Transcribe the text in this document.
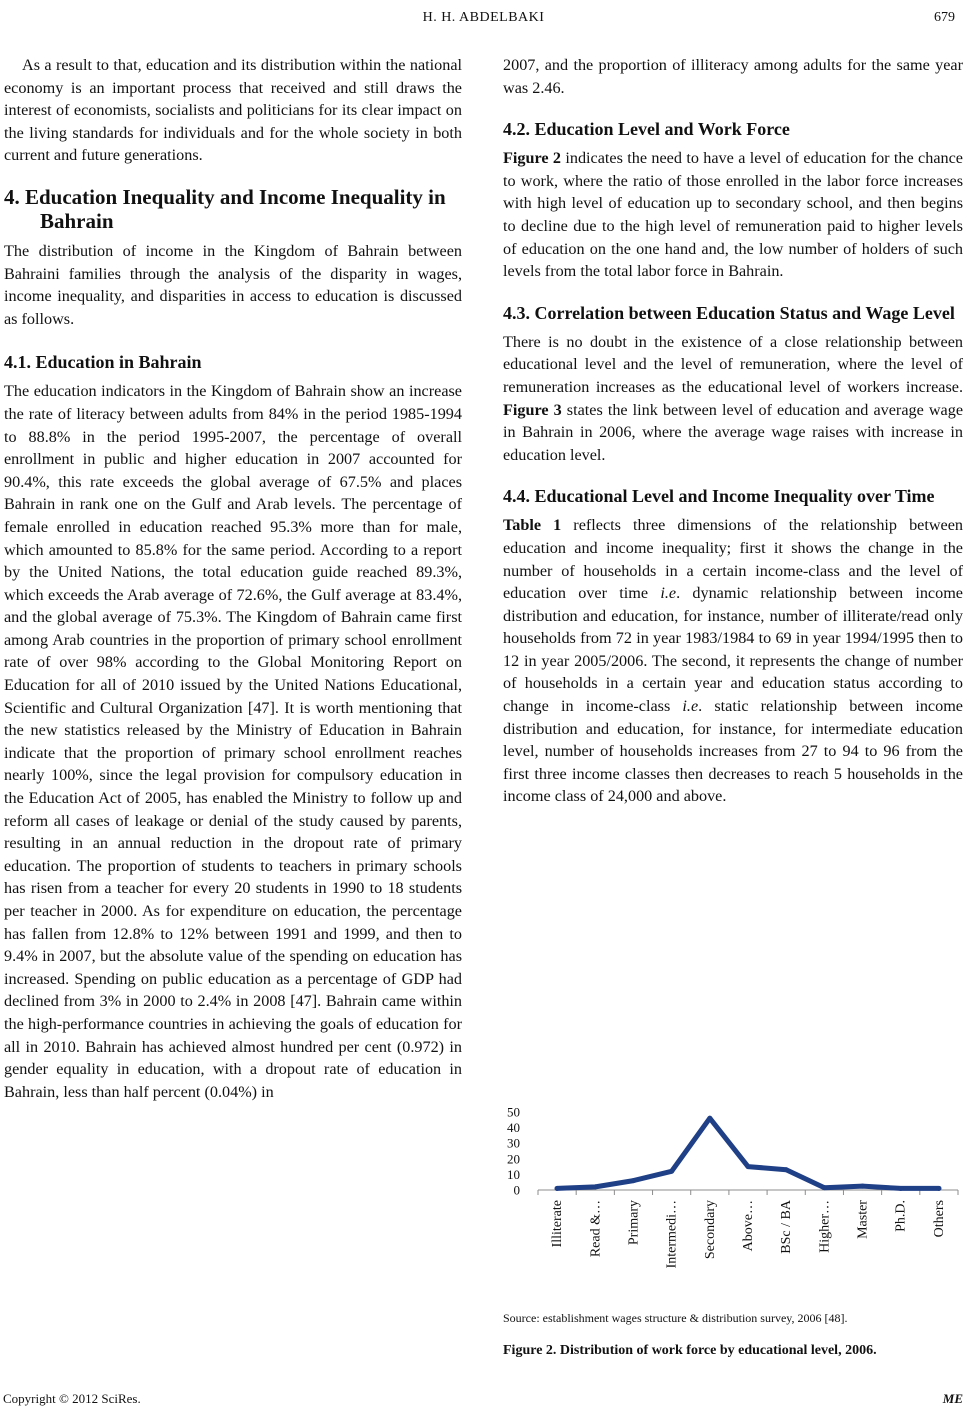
H. H. ABDELBAKI	679

As a result to that, education and its distribution within the national economy is an important process that received and still draws the interest of economists, socialists and politicians for its clear impact on the living standards for individuals and for the whole society in both current and future generations.

4. Education Inequality and Income Inequality in Bahrain

The distribution of income in the Kingdom of Bahrain between Bahraini families through the analysis of the disparity in wages, income inequality, and disparities in access to education is discussed as follows.

4.1. Education in Bahrain

The education indicators in the Kingdom of Bahrain show an increase the rate of literacy between adults from 84% in the period 1985-1994 to 88.8% in the period 1995-2007, the percentage of overall enrollment in public and higher education in 2007 accounted for 90.4%, this rate exceeds the global average of 67.5% and places Bahrain in rank one on the Gulf and Arab levels. The percentage of female enrolled in education reached 95.3% more than for male, which amounted to 85.8% for the same period. According to a report by the United Nations, the total education guide reached 89.3%, which exceeds the Arab average of 72.6%, the Gulf average at 83.4%, and the global average of 75.3%. The Kingdom of Bahrain came first among Arab countries in the proportion of primary school enrollment rate of over 98% according to the Global Monitoring Report on Education for all of 2010 issued by the United Nations Educational, Scientific and Cultural Organization [47]. It is worth mentioning that the new statistics released by the Ministry of Education in Bahrain indicate that the proportion of primary school enrollment reaches nearly 100%, since the legal provision for compulsory education in the Education Act of 2005, has enabled the Ministry to follow up and reform all cases of leakage or denial of the study caused by parents, resulting in an annual reduction in the dropout rate of primary education. The proportion of students to teachers in primary schools has risen from a teacher for every 20 students in 1990 to 18 students per teacher in 2000. As for expenditure on education, the percentage has fallen from 12.8% to 12% between 1991 and 1999, and then to 9.4% in 2007, but the absolute value of the spending on education has increased. Spending on public education as a percentage of GDP had declined from 3% in 2000 to 2.4% in 2008 [47]. Bahrain came within the high-performance countries in achieving the goals of education for all in 2010. Bahrain has achieved almost hundred per cent (0.972) in gender equality in education, with a dropout rate of education in Bahrain, less than half percent (0.04%) in

2007, and the proportion of illiteracy among adults for the same year was 2.46.

4.2. Education Level and Work Force

Figure 2 indicates the need to have a level of education for the chance to work, where the ratio of those enrolled in the labor force increases with high level of education up to secondary school, and then begins to decline due to the high level of remuneration paid to higher levels of education on the one hand and, the low number of holders of such levels from the total labor force in Bahrain.

4.3. Correlation between Education Status and Wage Level

There is no doubt in the existence of a close relationship between educational level and the level of remuneration, where the level of remuneration increases as the educational level of workers increase. Figure 3 states the link between level of education and average wage in Bahrain in 2006, where the average wage raises with increase in education level.

4.4. Educational Level and Income Inequality over Time

Table 1 reflects three dimensions of the relationship between education and income inequality; first it shows the change in the number of households in a certain income-class and the level of education over time i.e. dynamic relationship between income distribution and education, for instance, number of illiterate/read only households from 72 in year 1983/1984 to 69 in year 1994/1995 then to 12 in year 2005/2006. The second, it represents the change of number of households in a certain year and education status according to change in income-class i.e. static relationship between income distribution and education, for instance, for intermediate education level, number of households increases from 27 to 94 to 96 from the first three income classes then decreases to reach 5 households in the income class of 24,000 and above.

0
10
20
30
40
50
Illiterate Read &… Primary Intermedi… Secondary Above… BSc / BA Higher… Master Ph.D. Others
Source: establishment wages structure & distribution survey, 2006 [48].
Figure 2. Distribution of work force by educational level, 2006.
Copyright © 2012 SciRes.	ME
